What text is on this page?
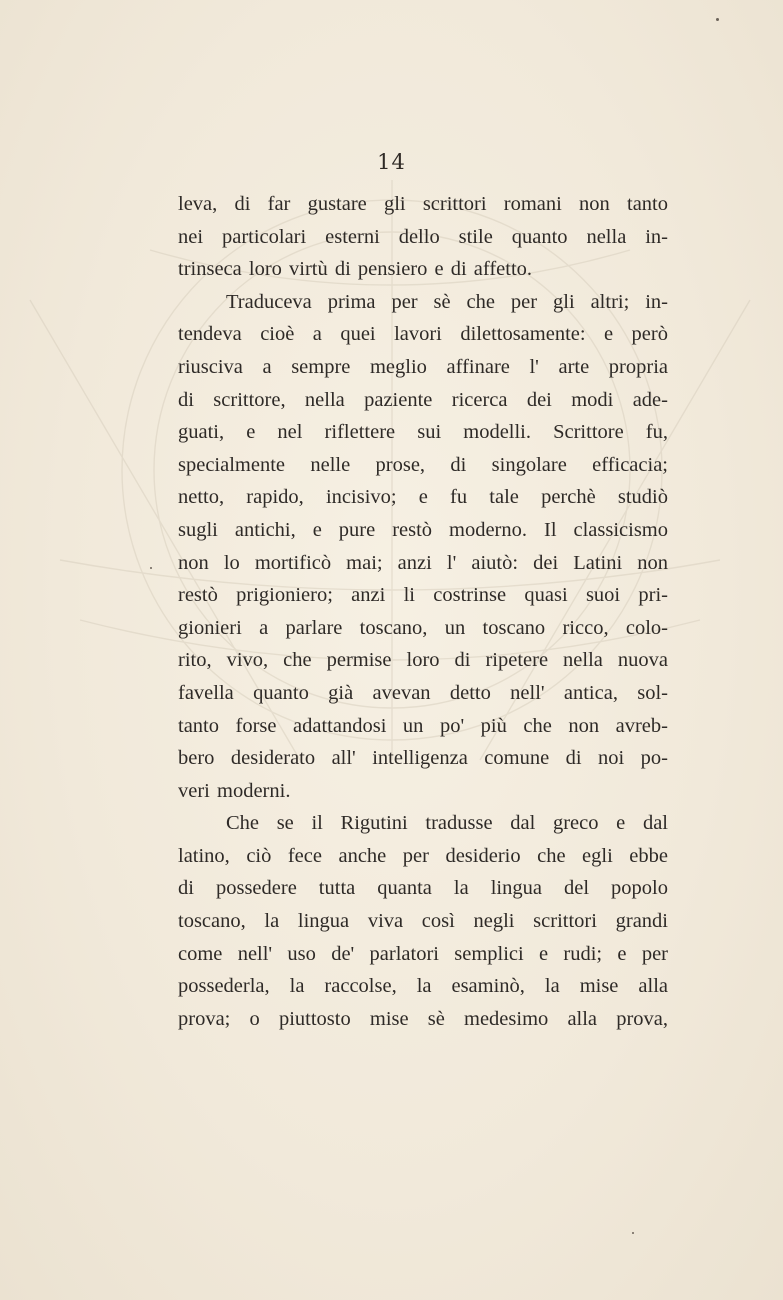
14
leva, di far gustare gli scrittori romani non tanto
nei particolari esterni dello stile quanto nella in-
trinseca loro virtù di pensiero e di affetto.
Traduceva prima per sè che per gli altri; in-
tendeva cioè a quei lavori dilettosamente: e però
riusciva a sempre meglio affinare l' arte propria
di scrittore, nella paziente ricerca dei modi ade-
guati, e nel riflettere sui modelli. Scrittore fu,
specialmente nelle prose, di singolare efficacia;
netto, rapido, incisivo; e fu tale perchè studiò
sugli antichi, e pure restò moderno. Il classicismo
non lo mortificò mai; anzi l' aiutò: dei Latini non
restò prigioniero; anzi li costrinse quasi suoi pri-
gionieri a parlare toscano, un toscano ricco, colo-
rito, vivo, che permise loro di ripetere nella nuova
favella quanto già avevan detto nell' antica, sol-
tanto forse adattandosi un po' più che non avreb-
bero desiderato all' intelligenza comune di noi po-
veri moderni.
Che se il Rigutini tradusse dal greco e dal
latino, ciò fece anche per desiderio che egli ebbe
di possedere tutta quanta la lingua del popolo
toscano, la lingua viva così negli scrittori grandi
come nell' uso de' parlatori semplici e rudi; e per
possederla, la raccolse, la esaminò, la mise alla
prova; o piuttosto mise sè medesimo alla prova,
